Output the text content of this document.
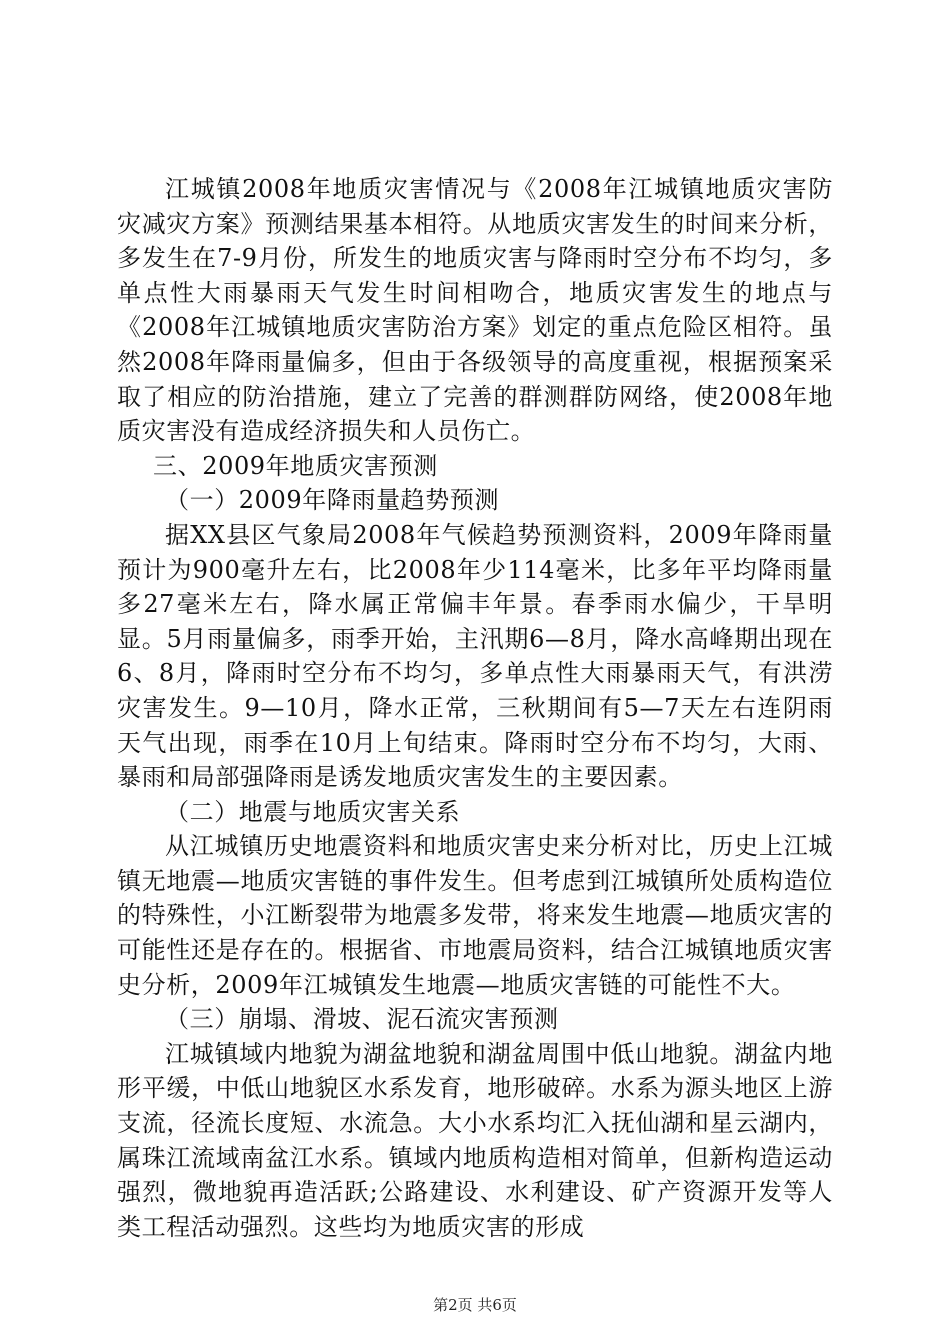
江城镇2008年地质灾害情况与《2008年江城镇地质灾害防灾减灾方案》预测结果基本相符。从地质灾害发生的时间来分析，多发生在7-9月份，所发生的地质灾害与降雨时空分布不均匀，多单点性大雨暴雨天气发生时间相吻合，地质灾害发生的地点与《2008年江城镇地质灾害防治方案》划定的重点危险区相符。虽然2008年降雨量偏多，但由于各级领导的高度重视，根据预案采取了相应的防治措施，建立了完善的群测群防网络，使2008年地质灾害没有造成经济损失和人员伤亡。

三、2009年地质灾害预测

（一）2009年降雨量趋势预测

据XX县区气象局2008年气候趋势预测资料，2009年降雨量预计为900毫升左右，比2008年少114毫米，比多年平均降雨量多27毫米左右，降水属正常偏丰年景。春季雨水偏少，干旱明显。5月雨量偏多，雨季开始，主汛期6—8月，降水高峰期出现在6、8月，降雨时空分布不均匀，多单点性大雨暴雨天气，有洪涝灾害发生。9—10月，降水正常，三秋期间有5—7天左右连阴雨天气出现，雨季在10月上旬结束。降雨时空分布不均匀，大雨、暴雨和局部强降雨是诱发地质灾害发生的主要因素。

（二）地震与地质灾害关系

从江城镇历史地震资料和地质灾害史来分析对比，历史上江城镇无地震—地质灾害链的事件发生。但考虑到江城镇所处质构造位的特殊性，小江断裂带为地震多发带，将来发生地震—地质灾害的可能性还是存在的。根据省、市地震局资料，结合江城镇地质灾害史分析，2009年江城镇发生地震—地质灾害链的可能性不大。

（三）崩塌、滑坡、泥石流灾害预测

江城镇域内地貌为湖盆地貌和湖盆周围中低山地貌。湖盆内地形平缓，中低山地貌区水系发育，地形破碎。水系为源头地区上游支流，径流长度短、水流急。大小水系均汇入抚仙湖和星云湖内，属珠江流域南盆江水系。镇域内地质构造相对简单，但新构造运动强烈，微地貌再造活跃;公路建设、水利建设、矿产资源开发等人类工程活动强烈。这些均为地质灾害的形成

第2页 共6页
